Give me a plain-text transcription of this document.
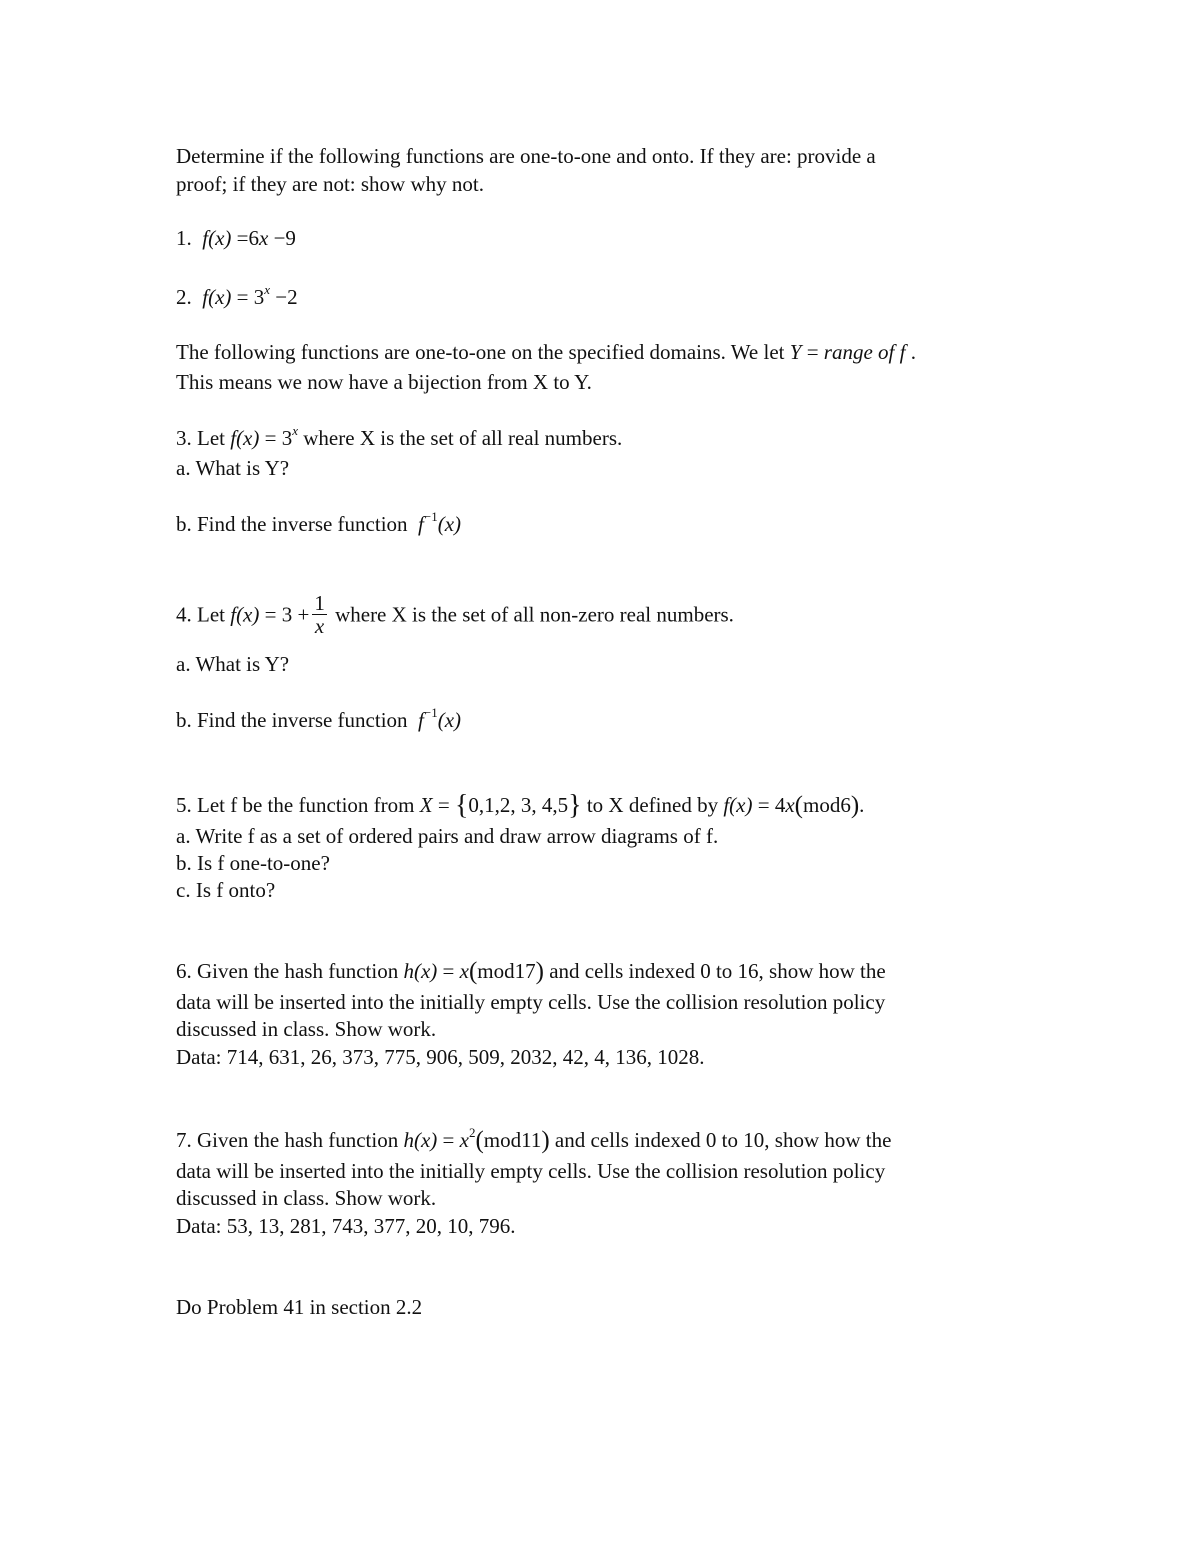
Determine if the following functions are one-to-one and onto. If they are: provide a
proof; if they are not: show why not.
1. f(x) =6x −9
2. $f(x) = 3^x -2$
The following functions are one-to-one on the specified domains. We let Y = range of f .
This means we now have a bijection from X to Y.
3. Let $f(x) = 3^x$ where X is the set of all real numbers.
a. What is Y?
b. Find the inverse function  $f^{-1}(x)$
4. Let $f(x) = 3 + \frac{1}{x}$ where X is the set of all non-zero real numbers.
a. What is Y?
b. Find the inverse function  $f^{-1}(x)$
5. Let f be the function from X = {0,1,2, 3, 4,5} to X defined by f(x) = 4x(mod6).
a. Write f as a set of ordered pairs and draw arrow diagrams of f.
b. Is f one-to-one?
c. Is f onto?
6. Given the hash function h(x) = x(mod17) and cells indexed 0 to 16, show how the
data will be inserted into the initially empty cells. Use the collision resolution policy
discussed in class. Show work.
Data: 714, 631, 26, 373, 775, 906, 509, 2032, 42, 4, 136, 1028.
7. Given the hash function $h(x) = x^2(mod11)$ and cells indexed 0 to 10, show how the
data will be inserted into the initially empty cells. Use the collision resolution policy
discussed in class. Show work.
Data: 53, 13, 281, 743, 377, 20, 10, 796.
Do Problem 41 in section 2.2
